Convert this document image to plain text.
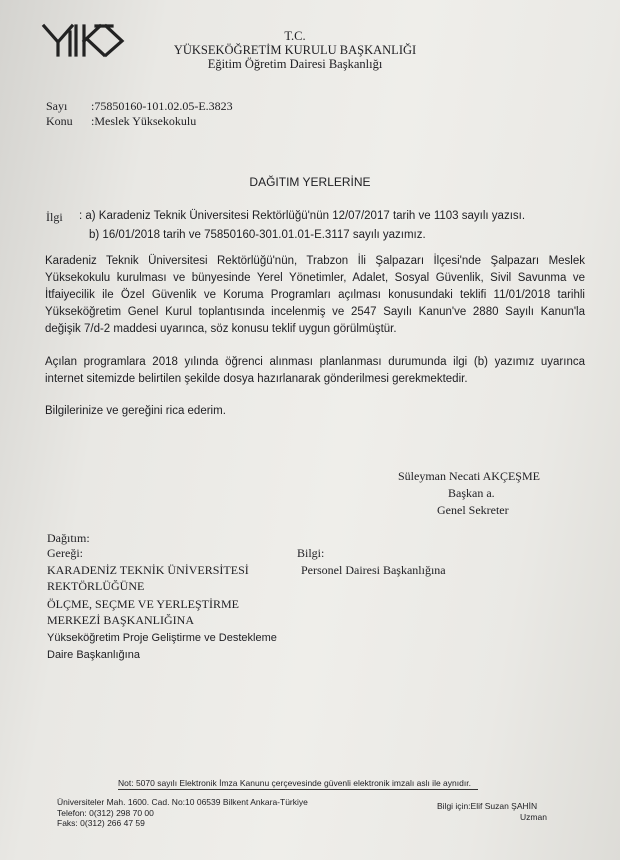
T.C.
YÜKSEKÖĞRETİM KURULU BAŞKANLIĞI
Eğitim Öğretim Dairesi Başkanlığı
Sayı :75850160-101.02.05-E.3823
Konu :Meslek Yüksekokulu
DAĞITIM YERLERİNE
İlgi : a) Karadeniz Teknik Üniversitesi Rektörlüğü'nün 12/07/2017 tarih ve 1103 sayılı yazısı.
b) 16/01/2018 tarih ve 75850160-301.01.01-E.3117 sayılı yazımız.
Karadeniz Teknik Üniversitesi Rektörlüğü'nün, Trabzon İli Şalpazarı İlçesi'nde Şalpazarı Meslek
Yüksekokulu kurulması ve bünyesinde Yerel Yönetimler, Adalet, Sosyal Güvenlik, Sivil Savunma ve
İtfaiyecilik ile Özel Güvenlik ve Koruma Programları açılması konusundaki teklifi 11/01/2018 tarihli
Yükseköğretim Genel Kurul toplantısında incelenmiş ve 2547 Sayılı Kanun've 2880 Sayılı Kanun'la
değişik 7/d-2 maddesi uyarınca, söz konusu teklif uygun görülmüştür.
Açılan programlara 2018 yılında öğrenci alınması planlanması durumunda ilgi (b) yazımız uyarınca
internet sitemizde belirtilen şekilde dosya hazırlanarak gönderilmesi gerekmektedir.
Bilgilerinize ve gereğini rica ederim.
Süleyman Necati AKÇEŞME
Başkan a.
Genel Sekreter
Dağıtım:
Gereği:	Bilgi:
KARADENİZ TEKNİK ÜNİVERSİTESİ
REKTÖRLÜĞÜNE
ÖLÇME, SEÇME VE YERLEŞTİRME
MERKEZİ BAŞKANLIĞINA
Yükseköğretim Proje Geliştirme ve Destekleme
Daire Başkanlığına
Personel Dairesi Başkanlığına
Not: 5070 sayılı Elektronik İmza Kanunu çerçevesinde güvenli elektronik imzalı aslı ile aynıdır.
Üniversiteler Mah. 1600. Cad. No:10 06539 Bilkent Ankara-Türkiye
Telefon: 0(312) 298 70 00
Faks: 0(312) 266 47 59
Bilgi için:Elif Suzan ŞAHİN
Uzman
